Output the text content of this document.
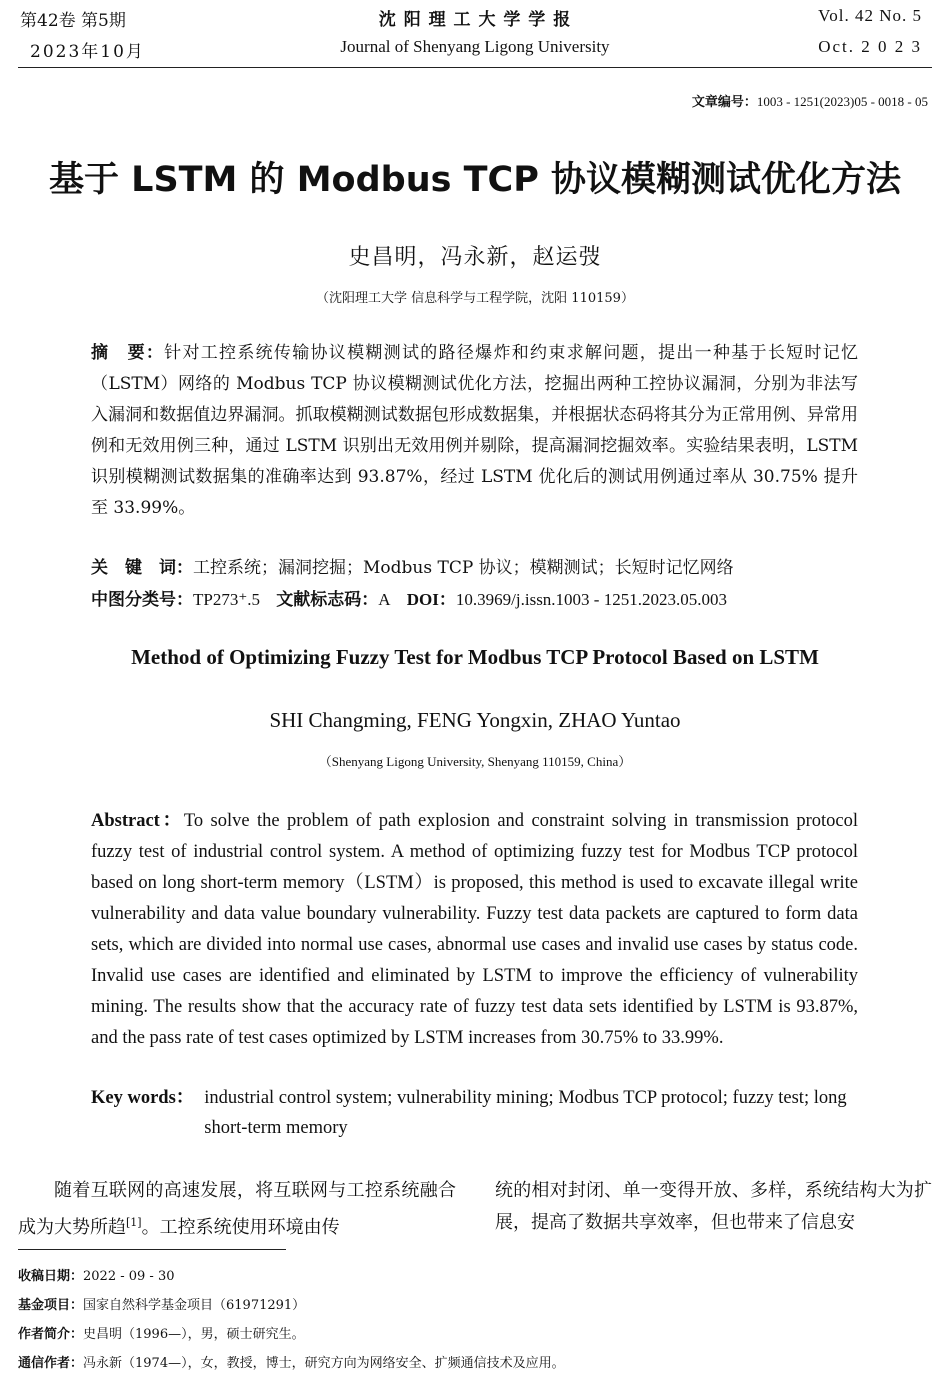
第42卷 第5期
2023年10月
沈 阳 理 工 大 学 学 报
Journal of Shenyang Ligong University
Vol. 42 No. 5
Oct. 2 0 2 3
文章编号：1003 - 1251(2023)05 - 0018 - 05
基于 LSTM 的 Modbus TCP 协议模糊测试优化方法
史昌明，冯永新，赵运弢
（沈阳理工大学 信息科学与工程学院，沈阳 110159）
摘　要：针对工控系统传输协议模糊测试的路径爆炸和约束求解问题，提出一种基于长短时记忆（LSTM）网络的 Modbus TCP 协议模糊测试优化方法，挖掘出两种工控协议漏洞，分别为非法写入漏洞和数据值边界漏洞。抓取模糊测试数据包形成数据集，并根据状态码将其分为正常用例、异常用例和无效用例三种，通过 LSTM 识别出无效用例并剔除，提高漏洞挖掘效率。实验结果表明，LSTM 识别模糊测试数据集的准确率达到 93.87%，经过 LSTM 优化后的测试用例通过率从 30.75% 提升至 33.99%。
关　键　词：工控系统；漏洞挖掘；Modbus TCP 协议；模糊测试；长短时记忆网络
中图分类号：TP273⁺.5 文献标志码：A DOI：10.3969/j.issn.1003 - 1251.2023.05.003
Method of Optimizing Fuzzy Test for Modbus TCP Protocol Based on LSTM
SHI Changming, FENG Yongxin, ZHAO Yuntao
（Shenyang Ligong University, Shenyang 110159, China）
Abstract：To solve the problem of path explosion and constraint solving in transmission protocol fuzzy test of industrial control system. A method of optimizing fuzzy test for Modbus TCP protocol based on long short-term memory（LSTM）is proposed, this method is used to excavate illegal write vulnerability and data value boundary vulnerability. Fuzzy test data packets are captured to form data sets, which are divided into normal use cases, abnormal use cases and invalid use cases by status code. Invalid use cases are identified and eliminated by LSTM to improve the efficiency of vulnerability mining. The results show that the accuracy rate of fuzzy test data sets identified by LSTM is 93.87%, and the pass rate of test cases optimized by LSTM increases from 30.75% to 33.99%.
Key words： industrial control system; vulnerability mining; Modbus TCP protocol; fuzzy test; long short-term memory
随着互联网的高速发展，将互联网与工控系统融合成为大势所趋[1]。工控系统使用环境由传
统的相对封闭、单一变得开放、多样，系统结构大为扩展，提高了数据共享效率，但也带来了信息安
收稿日期：2022 - 09 - 30
基金项目：国家自然科学基金项目（61971291）
作者简介：史昌明（1996—），男，硕士研究生。
通信作者：冯永新（1974—），女，教授，博士，研究方向为网络安全、扩频通信技术及应用。
